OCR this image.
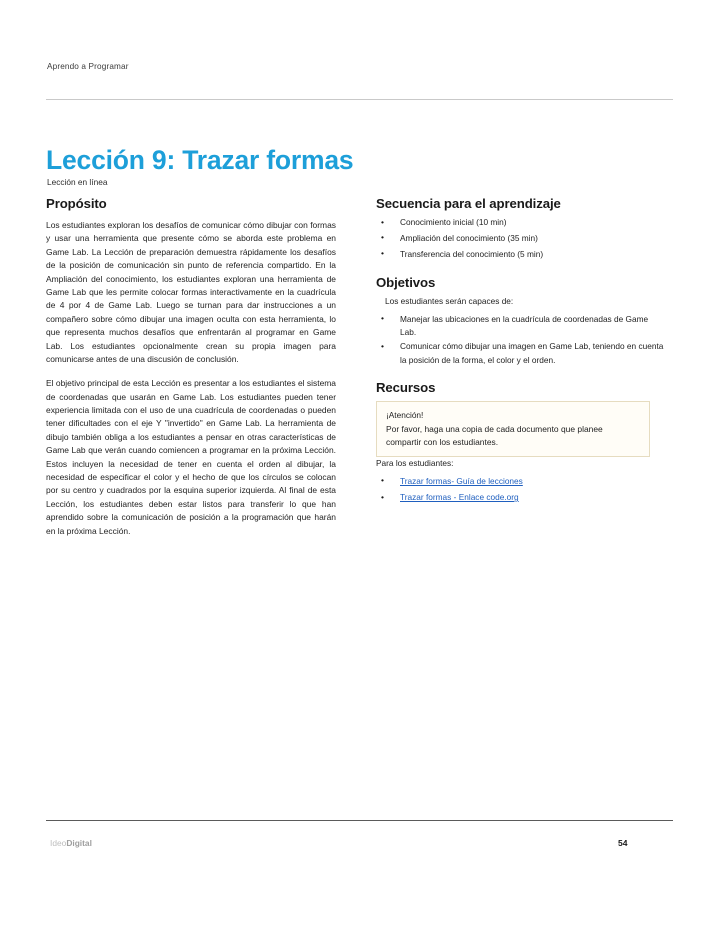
Aprendo a Programar
Lección 9: Trazar formas
Lección en línea
Propósito

Los estudiantes exploran los desafíos de comunicar cómo dibujar con formas y usar una herramienta que presente cómo se aborda este problema en Game Lab. La Lección de preparación demuestra rápidamente los desafíos de la posición de comunicación sin punto de referencia compartido. En la Ampliación del conocimiento, los estudiantes exploran una herramienta de Game Lab que les permite colocar formas interactivamente en la cuadrícula de 4 por 4 de Game Lab. Luego se turnan para dar instrucciones a un compañero sobre cómo dibujar una imagen oculta con esta herramienta, lo que representa muchos desafíos que enfrentarán al programar en Game Lab. Los estudiantes opcionalmente crean su propia imagen para comunicarse antes de una discusión de conclusión.

El objetivo principal de esta Lección es presentar a los estudiantes el sistema de coordenadas que usarán en Game Lab. Los estudiantes pueden tener experiencia limitada con el uso de una cuadrícula de coordenadas o pueden tener dificultades con el eje Y "invertido" en Game Lab. La herramienta de dibujo también obliga a los estudiantes a pensar en otras características de Game Lab que verán cuando comiencen a programar en la próxima Lección. Estos incluyen la necesidad de tener en cuenta el orden al dibujar, la necesidad de especificar el color y el hecho de que los círculos se colocan por su centro y cuadrados por la esquina superior izquierda. Al final de esta Lección, los estudiantes deben estar listos para transferir lo que han aprendido sobre la comunicación de posición a la programación que harán en la próxima Lección.

Secuencia para el aprendizaje
• Conocimiento inicial (10 min)
• Ampliación del conocimiento (35 min)
• Transferencia del conocimiento (5 min)
Objetivos

Los estudiantes serán capaces de:

• Manejar las ubicaciones en la cuadrícula de coordenadas de Game Lab.
• Comunicar cómo dibujar una imagen en Game Lab, teniendo en cuenta la posición de la forma, el color y el orden.
Recursos

¡Atención!

Por favor, haga una copia de cada documento que planee compartir con los estudiantes.

Para los estudiantes:

• Trazar formas- Guía de lecciones
• Trazar formas - Enlace code.org
IdeoDigital	54
